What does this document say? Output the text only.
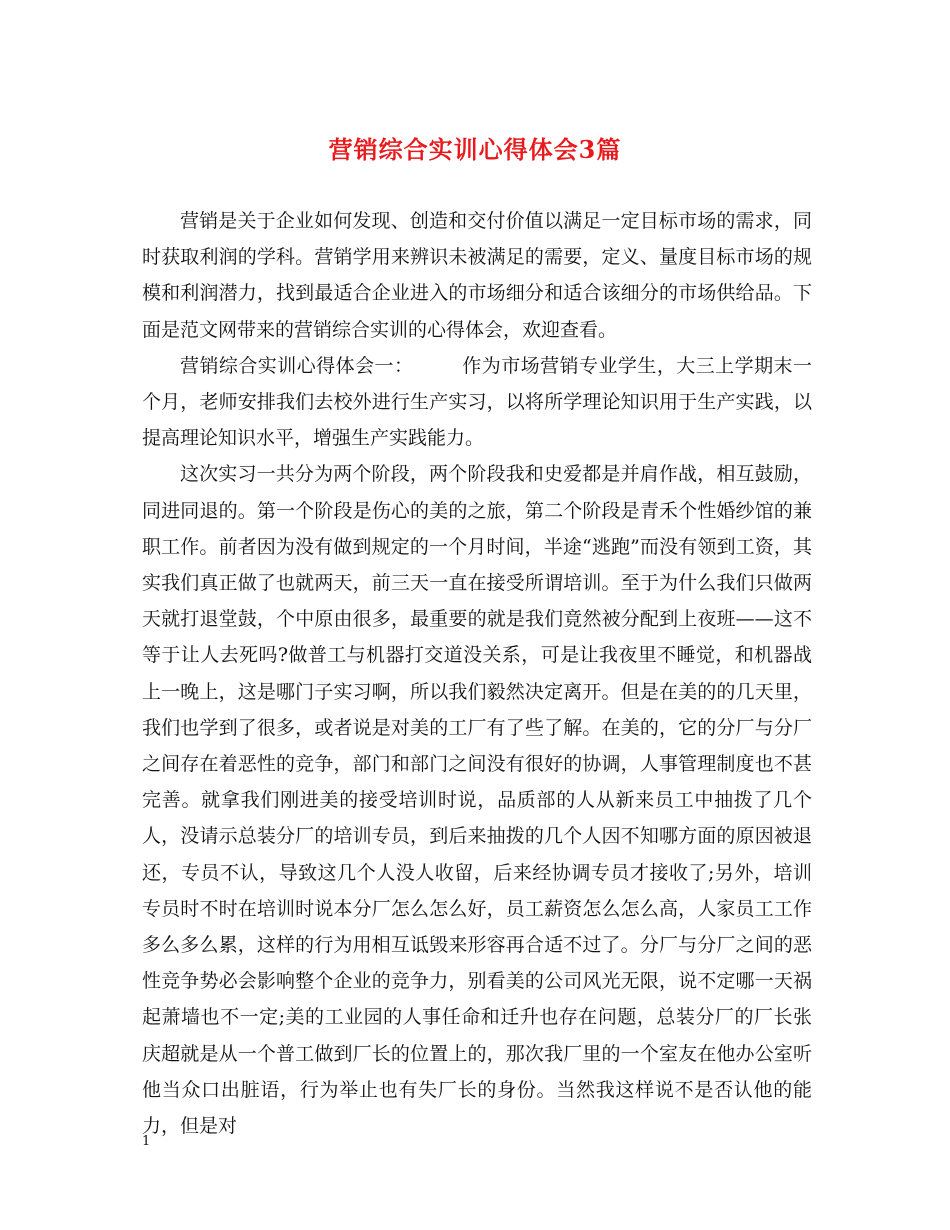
营销综合实训心得体会3篇

营销是关于企业如何发现、创造和交付价值以满足一定目标市场的需求，同时获取利润的学科。营销学用来辨识未被满足的需要，定义、量度目标市场的规模和利润潜力，找到最适合企业进入的市场细分和适合该细分的市场供给品。下面是范文网带来的营销综合实训的心得体会，欢迎查看。

营销综合实训心得体会一：　　　作为市场营销专业学生，大三上学期末一个月，老师安排我们去校外进行生产实习，以将所学理论知识用于生产实践，以提高理论知识水平，增强生产实践能力。

这次实习一共分为两个阶段，两个阶段我和史爱都是并肩作战，相互鼓励，同进同退的。第一个阶段是伤心的美的之旅，第二个阶段是青禾个性婚纱馆的兼职工作。前者因为没有做到规定的一个月时间，半途“逃跑”而没有领到工资，其实我们真正做了也就两天，前三天一直在接受所谓培训。至于为什么我们只做两天就打退堂鼓，个中原由很多，最重要的就是我们竟然被分配到上夜班——这不等于让人去死吗?做普工与机器打交道没关系，可是让我夜里不睡觉，和机器战上一晚上，这是哪门子实习啊，所以我们毅然决定离开。但是在美的的几天里，我们也学到了很多，或者说是对美的工厂有了些了解。在美的，它的分厂与分厂之间存在着恶性的竞争，部门和部门之间没有很好的协调，人事管理制度也不甚完善。就拿我们刚进美的接受培训时说，品质部的人从新来员工中抽拨了几个人，没请示总装分厂的培训专员，到后来抽拨的几个人因不知哪方面的原因被退还，专员不认，导致这几个人没人收留，后来经协调专员才接收了;另外，培训专员时不时在培训时说本分厂怎么怎么好，员工薪资怎么怎么高，人家员工工作多么多么累，这样的行为用相互诋毁来形容再合适不过了。分厂与分厂之间的恶性竞争势必会影响整个企业的竞争力，别看美的公司风光无限，说不定哪一天祸起萧墙也不一定;美的工业园的人事任命和迁升也存在问题，总装分厂的厂长张庆超就是从一个普工做到厂长的位置上的，那次我厂里的一个室友在他办公室听他当众口出脏语，行为举止也有失厂长的身份。当然我这样说不是否认他的能力，但是对

1
